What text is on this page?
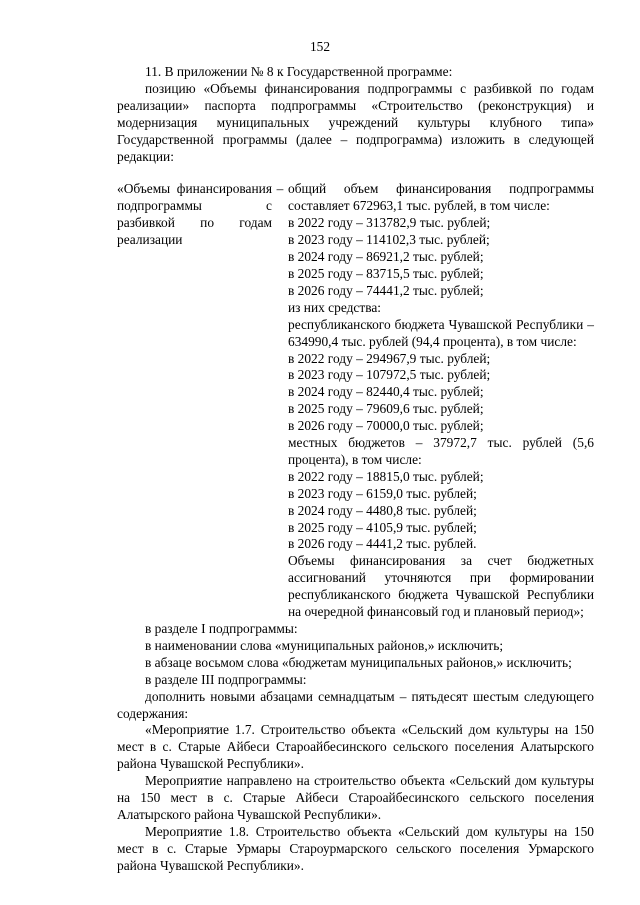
152

11. В приложении № 8 к Государственной программе:

позицию «Объемы финансирования подпрограммы с разбивкой по годам реализации» паспорта подпрограммы «Строительство (реконструкция) и модернизация муниципальных учреждений культуры клубного типа» Государственной программы (далее – подпрограмма) изложить в следующей редакции:

«Объемы финансирования подпрограммы с разбивкой по годам реализации
– общий объем финансирования подпрограммы составляет 672963,1 тыс. рублей, в том числе:

в 2022 году – 313782,9 тыс. рублей;

в 2023 году – 114102,3 тыс. рублей;

в 2024 году – 86921,2 тыс. рублей;

в 2025 году – 83715,5 тыс. рублей;

в 2026 году – 74441,2 тыс. рублей;

из них средства:

республиканского бюджета Чувашской Республики – 634990,4 тыс. рублей (94,4 процента), в том числе:

в 2022 году – 294967,9 тыс. рублей;

в 2023 году – 107972,5 тыс. рублей;

в 2024 году – 82440,4 тыс. рублей;

в 2025 году – 79609,6 тыс. рублей;

в 2026 году – 70000,0 тыс. рублей;

местных бюджетов – 37972,7 тыс. рублей (5,6 процента), в том числе:

в 2022 году – 18815,0 тыс. рублей;

в 2023 году – 6159,0 тыс. рублей;

в 2024 году – 4480,8 тыс. рублей;

в 2025 году – 4105,9 тыс. рублей;

в 2026 году – 4441,2 тыс. рублей.

Объемы финансирования за счет бюджетных ассигнований уточняются при формировании республиканского бюджета Чувашской Республики на очередной финансовый год и плановый период»;

в разделе I подпрограммы:

в наименовании слова «муниципальных районов,» исключить;

в абзаце восьмом слова «бюджетам муниципальных районов,» исключить;

в разделе III подпрограммы:

дополнить новыми абзацами семнадцатым – пятьдесят шестым следующего содержания:

«Мероприятие 1.7. Строительство объекта «Сельский дом культуры на 150 мест в с. Старые Айбеси Староайбесинского сельского поселения Алатырского района Чувашской Республики».

Мероприятие направлено на строительство объекта «Сельский дом культуры на 150 мест в с. Старые Айбеси Староайбесинского сельского поселения Алатырского района Чувашской Республики».

Мероприятие 1.8. Строительство объекта «Сельский дом культуры на 150 мест в с. Старые Урмары Староурмарского сельского поселения Урмарского района Чувашской Республики».
